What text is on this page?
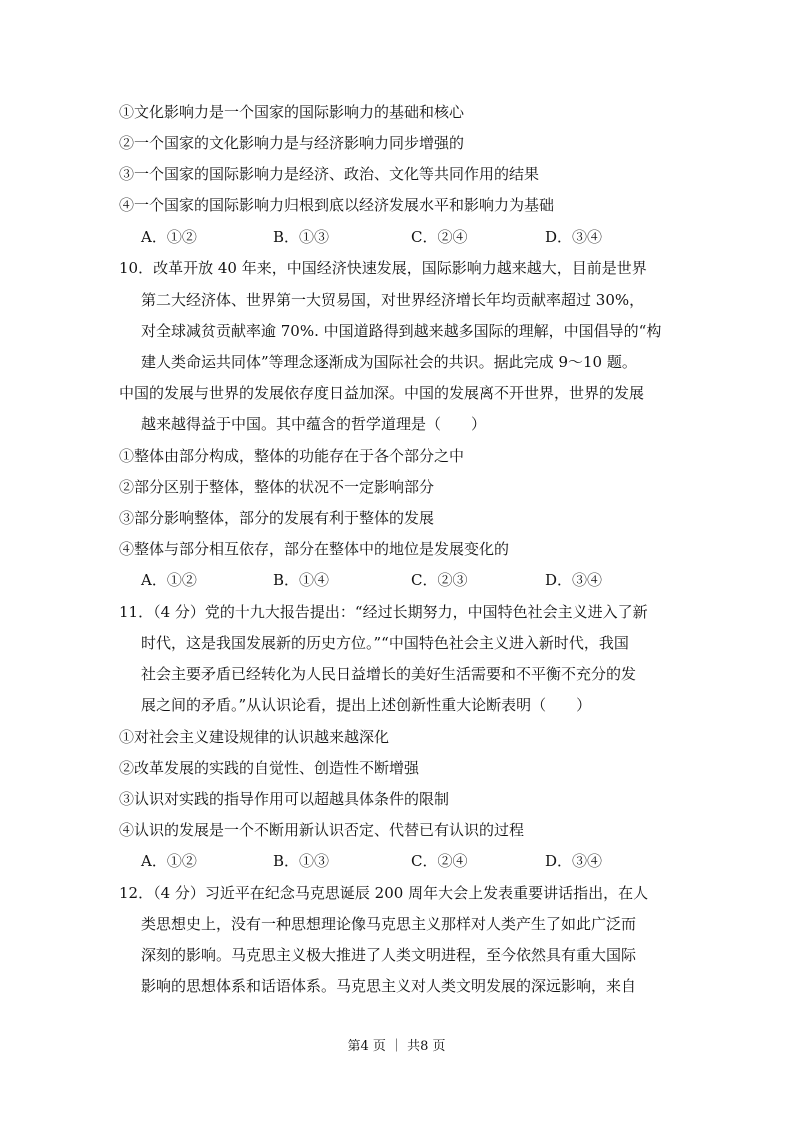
①文化影响力是一个国家的国际影响力的基础和核心
②一个国家的文化影响力是与经济影响力同步增强的
③一个国家的国际影响力是经济、政治、文化等共同作用的结果
④一个国家的国际影响力归根到底以经济发展水平和影响力为基础
A．①②	B．①③	C．②④	D．③④
10．改革开放 40 年来，中国经济快速发展，国际影响力越来越大，目前是世界
第二大经济体、世界第一大贸易国，对世界经济增长年均贡献率超过 30%，
对全球减贫贡献率逾 70%. 中国道路得到越来越多国际的理解，中国倡导的“构
建人类命运共同体”等理念逐渐成为国际社会的共识。据此完成 9～10 题。
中国的发展与世界的发展依存度日益加深。中国的发展离不开世界，世界的发展
越来越得益于中国。其中蕴含的哲学道理是（　　）
①整体由部分构成，整体的功能存在于各个部分之中
②部分区别于整体，整体的状况不一定影响部分
③部分影响整体，部分的发展有利于整体的发展
④整体与部分相互依存，部分在整体中的地位是发展变化的
A．①②	B．①④	C．②③	D．③④
11．（4 分）党的十九大报告提出：“经过长期努力，中国特色社会主义进入了新
时代，这是我国发展新的历史方位。”“中国特色社会主义进入新时代，我国
社会主要矛盾已经转化为人民日益增长的美好生活需要和不平衡不充分的发
展之间的矛盾。”从认识论看，提出上述创新性重大论断表明（　　）
①对社会主义建设规律的认识越来越深化
②改革发展的实践的自觉性、创造性不断增强
③认识对实践的指导作用可以超越具体条件的限制
④认识的发展是一个不断用新认识否定、代替已有认识的过程
A．①②	B．①③	C．②④	D．③④
12．（4 分）习近平在纪念马克思诞辰 200 周年大会上发表重要讲话指出，在人
类思想史上，没有一种思想理论像马克思主义那样对人类产生了如此广泛而
深刻的影响。马克思主义极大推进了人类文明进程，至今依然具有重大国际
影响的思想体系和话语体系。马克思主义对人类文明发展的深远影响，来自
第4 页 ｜ 共8 页
